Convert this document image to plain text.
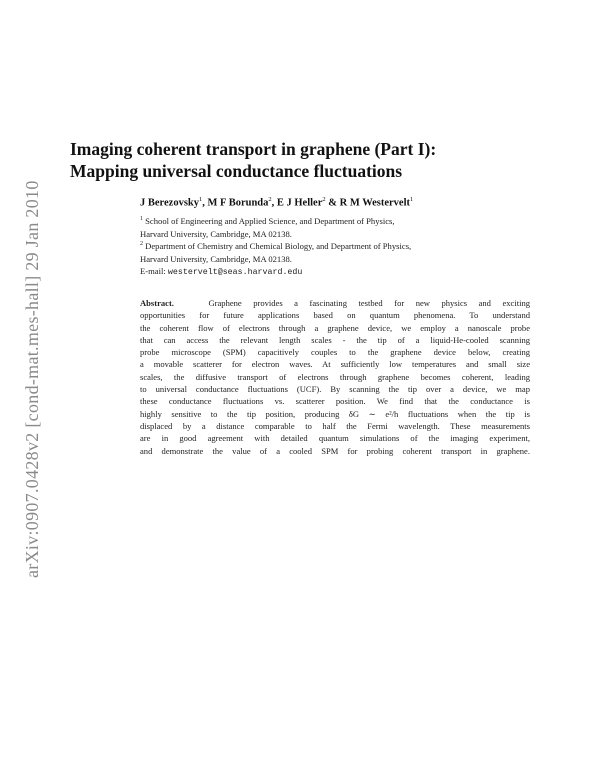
arXiv:0907.0428v2 [cond-mat.mes-hall] 29 Jan 2010
Imaging coherent transport in graphene (Part I):
Mapping universal conductance fluctuations
J Berezovsky$^1$, M F Borunda$^2$, E J Heller$^2$ & R M Westervelt$^1$
$^1$ School of Engineering and Applied Science, and Department of Physics,
Harvard University, Cambridge, MA 02138.
$^2$ Department of Chemistry and Chemical Biology, and Department of Physics,
Harvard University, Cambridge, MA 02138.
E-mail: westervelt@seas.harvard.edu
Abstract.	Graphene provides a fascinating testbed for new physics and exciting
opportunities for future applications based on quantum phenomena. To understand
the coherent flow of electrons through a graphene device, we employ a nanoscale probe
that can access the relevant length scales - the tip of a liquid-He-cooled scanning
probe microscope (SPM) capacitively couples to the graphene device below, creating
a movable scatterer for electron waves. At sufficiently low temperatures and small size
scales, the diffusive transport of electrons through graphene becomes coherent, leading
to universal conductance fluctuations (UCF). By scanning the tip over a device, we map
these conductance fluctuations vs. scatterer position. We find that the conductance is
highly sensitive to the tip position, producing δG ∼ e²/h fluctuations when the tip is
displaced by a distance comparable to half the Fermi wavelength. These measurements
are in good agreement with detailed quantum simulations of the imaging experiment,
and demonstrate the value of a cooled SPM for probing coherent transport in graphene.
